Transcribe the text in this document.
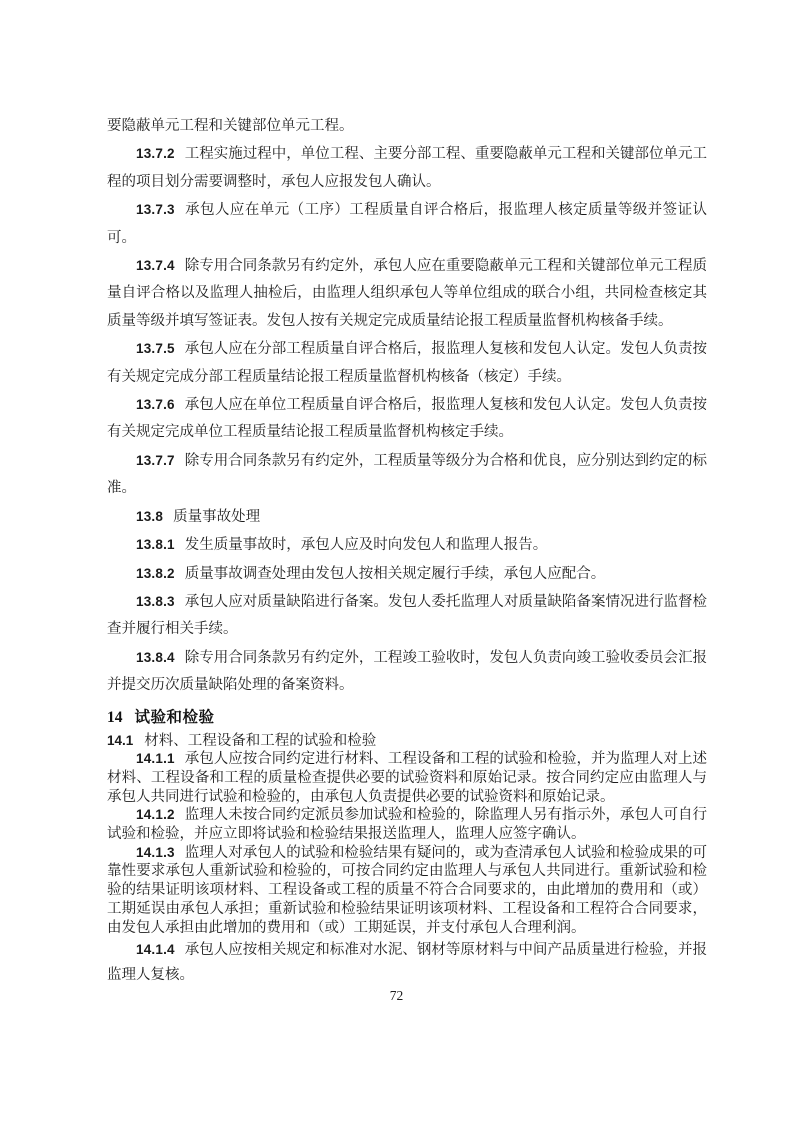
要隐蔽单元工程和关键部位单元工程。

13.7.2 工程实施过程中，单位工程、主要分部工程、重要隐蔽单元工程和关键部位单元工程的项目划分需要调整时，承包人应报发包人确认。

13.7.3 承包人应在单元（工序）工程质量自评合格后，报监理人核定质量等级并签证认可。

13.7.4 除专用合同条款另有约定外，承包人应在重要隐蔽单元工程和关键部位单元工程质量自评合格以及监理人抽检后，由监理人组织承包人等单位组成的联合小组，共同检查核定其质量等级并填写签证表。发包人按有关规定完成质量结论报工程质量监督机构核备手续。

13.7.5 承包人应在分部工程质量自评合格后，报监理人复核和发包人认定。发包人负责按有关规定完成分部工程质量结论报工程质量监督机构核备（核定）手续。

13.7.6 承包人应在单位工程质量自评合格后，报监理人复核和发包人认定。发包人负责按有关规定完成单位工程质量结论报工程质量监督机构核定手续。

13.7.7 除专用合同条款另有约定外，工程质量等级分为合格和优良，应分别达到约定的标准。

13.8 质量事故处理

13.8.1 发生质量事故时，承包人应及时向发包人和监理人报告。

13.8.2 质量事故调查处理由发包人按相关规定履行手续，承包人应配合。

13.8.3 承包人应对质量缺陷进行备案。发包人委托监理人对质量缺陷备案情况进行监督检查并履行相关手续。

13.8.4 除专用合同条款另有约定外，工程竣工验收时，发包人负责向竣工验收委员会汇报并提交历次质量缺陷处理的备案资料。

14 试验和检验

14.1 材料、工程设备和工程的试验和检验

14.1.1 承包人应按合同约定进行材料、工程设备和工程的试验和检验，并为监理人对上述材料、工程设备和工程的质量检查提供必要的试验资料和原始记录。按合同约定应由监理人与承包人共同进行试验和检验的，由承包人负责提供必要的试验资料和原始记录。

14.1.2 监理人未按合同约定派员参加试验和检验的，除监理人另有指示外，承包人可自行试验和检验，并应立即将试验和检验结果报送监理人，监理人应签字确认。

14.1.3 监理人对承包人的试验和检验结果有疑问的，或为查清承包人试验和检验成果的可靠性要求承包人重新试验和检验的，可按合同约定由监理人与承包人共同进行。重新试验和检验的结果证明该项材料、工程设备或工程的质量不符合合同要求的，由此增加的费用和（或）工期延误由承包人承担；重新试验和检验结果证明该项材料、工程设备和工程符合合同要求，由发包人承担由此增加的费用和（或）工期延误，并支付承包人合理利润。

14.1.4 承包人应按相关规定和标准对水泥、钢材等原材料与中间产品质量进行检验，并报监理人复核。

72
